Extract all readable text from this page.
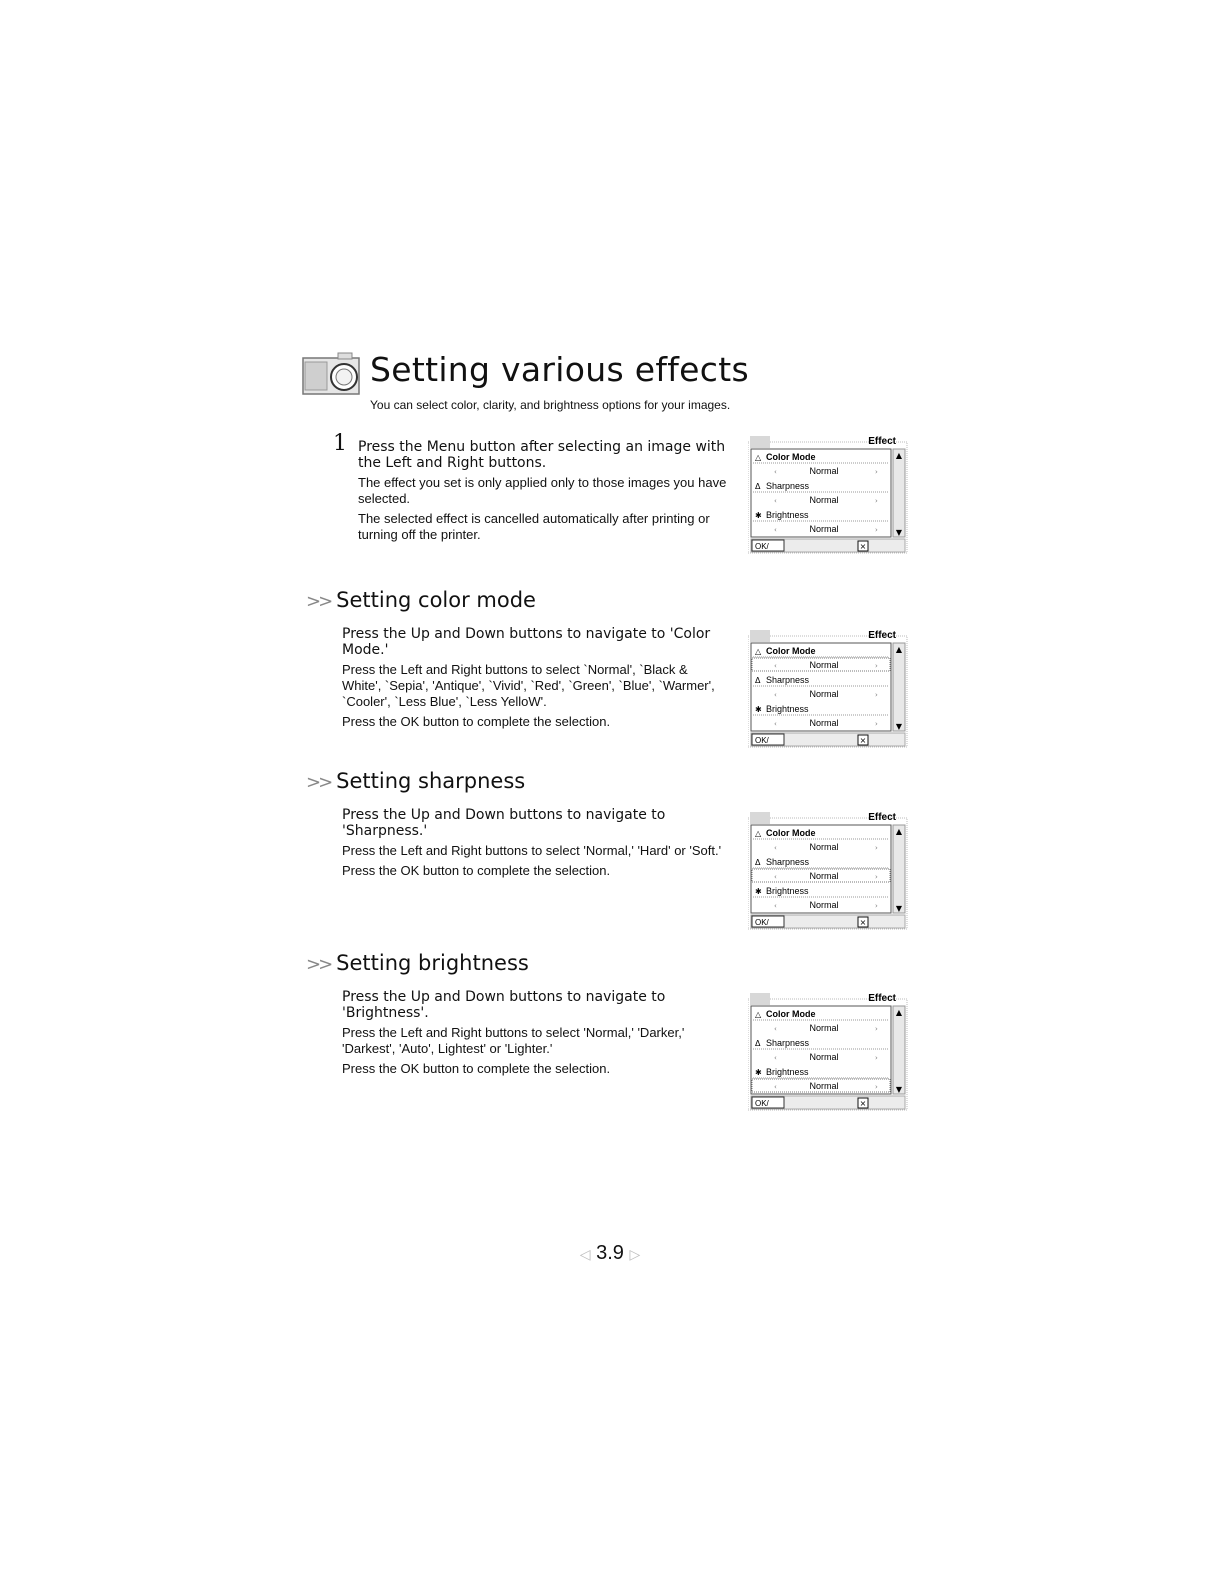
Setting various effects
You can select color, clarity, and brightness options for your images.
1 Press the Menu button after selecting an image with the Left and Right buttons.

The effect you set is only applied only to those images you have selected.

The selected effect is cancelled automatically after printing or turning off the printer.

>> Setting color mode

Press the Up and Down buttons to navigate to 'Color Mode.'

Press the Left and Right buttons to select `Normal', `Black & White', `Sepia', 'Antique', `Vivid', `Red', `Green', `Blue', `Warmer', `Cooler', `Less Blue', `Less YelloW'.

Press the OK button to complete the selection.

>> Setting sharpness

Press the Up and Down buttons to navigate to 'Sharpness.'

Press the Left and Right buttons to select 'Normal,' 'Hard' or 'Soft.'

Press the OK button to complete the selection.

>> Setting brightness

Press the Up and Down buttons to navigate to 'Brightness'.

Press the Left and Right buttons to select 'Normal,' 'Darker,' 'Darkest', 'Auto', Lightest' or 'Lighter.'

Press the OK button to complete the selection.

Effect
▲
▼
△ Color Mode
Normal
‹	›
Δ Sharpness
Normal
‹	›
✱ Brightness
Normal
‹	›
OK/	×
Effect
▲
▼
△ Color Mode
Normal
‹	›
Δ Sharpness
Normal
‹	›
✱ Brightness
Normal
‹	›
OK/	×
Effect
▲
▼
△ Color Mode
Normal
‹	›
Δ Sharpness
Normal
‹	›
✱ Brightness
Normal
‹	›
OK/	×
Effect
▲
▼
△ Color Mode
Normal
‹	›
Δ Sharpness
Normal
‹	›
✱ Brightness
Normal
‹	›
OK/	×
◁ 3.9 ▷
